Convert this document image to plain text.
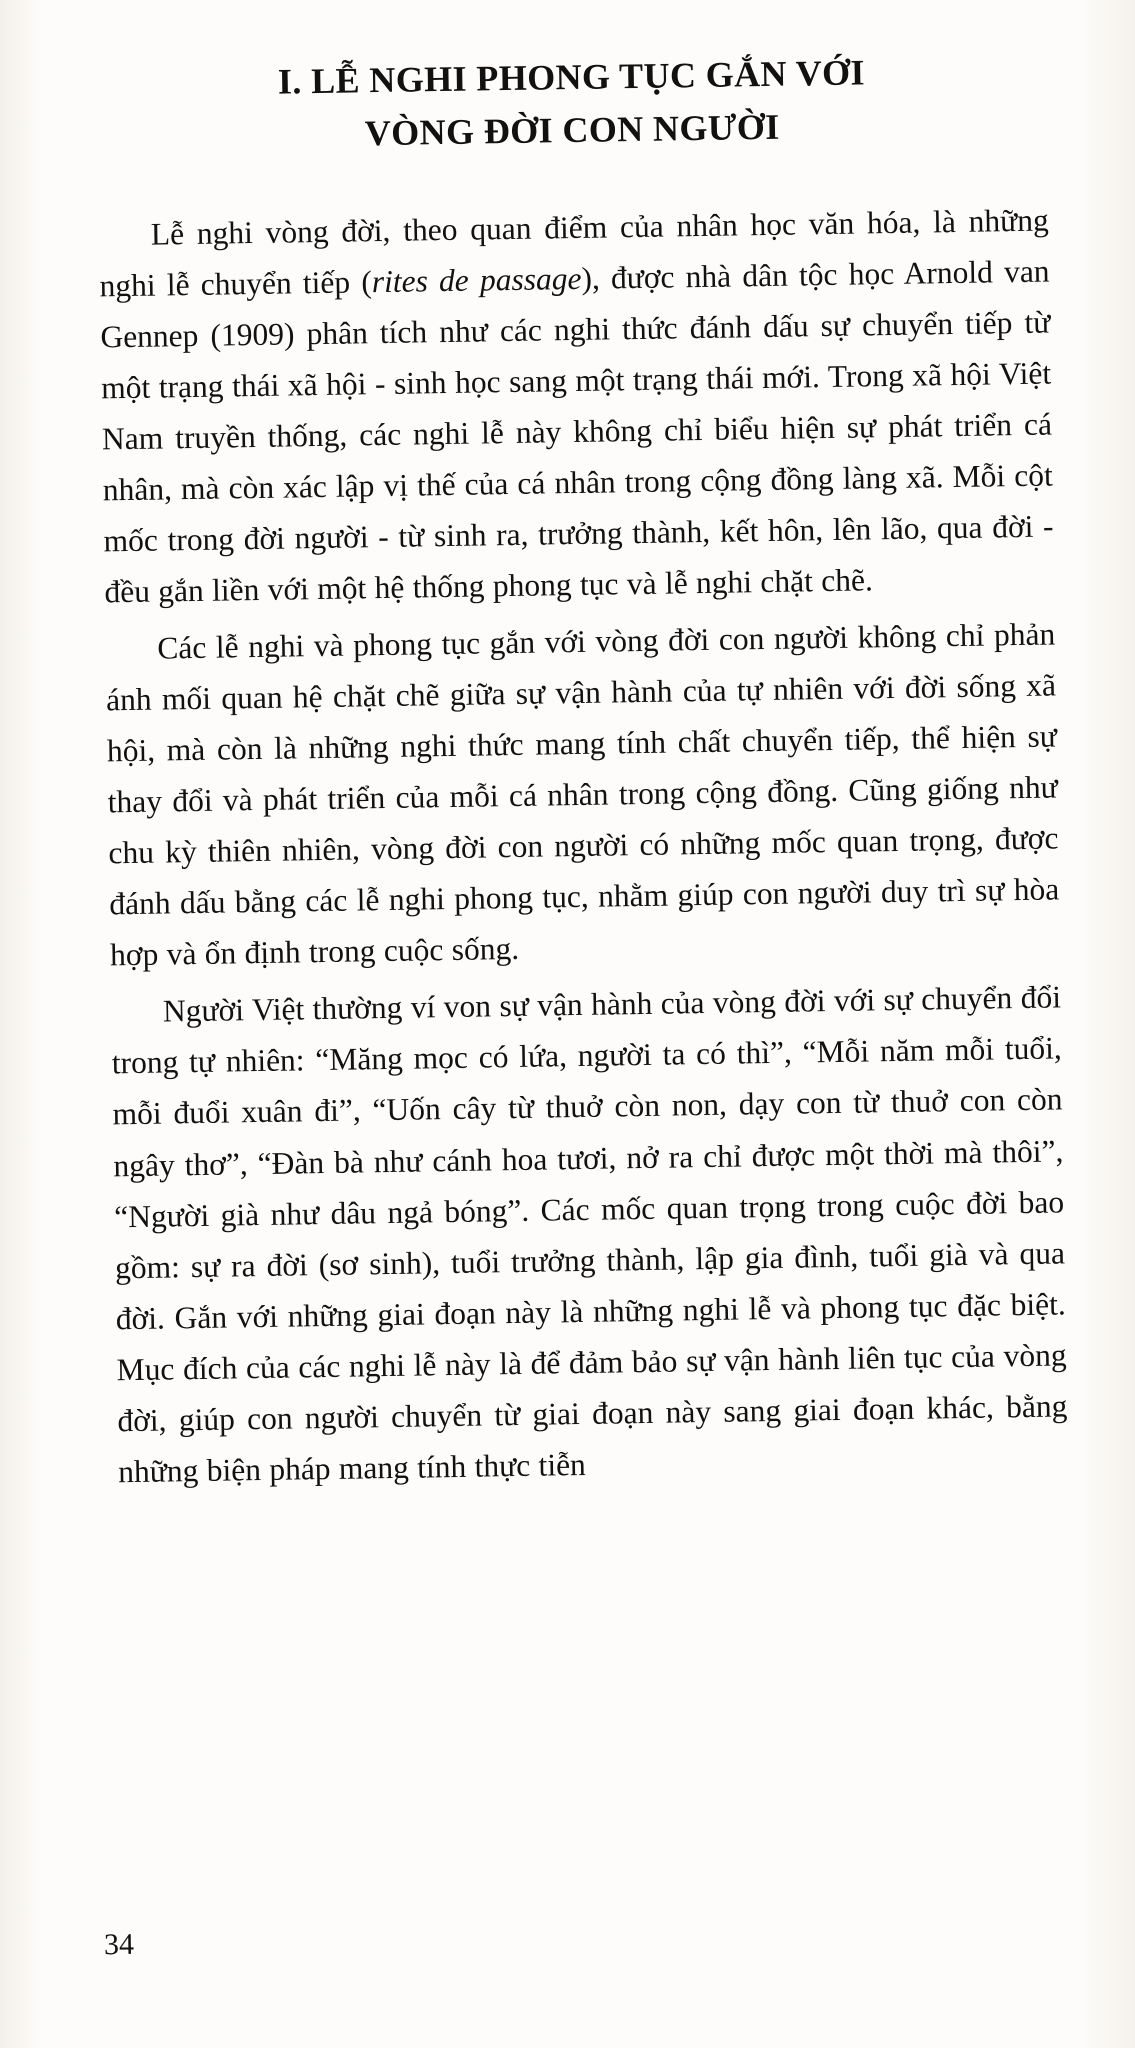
I. LỄ NGHI PHONG TỤC GẮN VỚI
VÒNG ĐỜI CON NGƯỜI

Lễ nghi vòng đời, theo quan điểm của nhân học văn hóa, là những nghi lễ chuyển tiếp (rites de passage), được nhà dân tộc học Arnold van Gennep (1909) phân tích như các nghi thức đánh dấu sự chuyển tiếp từ một trạng thái xã hội - sinh học sang một trạng thái mới. Trong xã hội Việt Nam truyền thống, các nghi lễ này không chỉ biểu hiện sự phát triển cá nhân, mà còn xác lập vị thế của cá nhân trong cộng đồng làng xã. Mỗi cột mốc trong đời người - từ sinh ra, trưởng thành, kết hôn, lên lão, qua đời - đều gắn liền với một hệ thống phong tục và lễ nghi chặt chẽ.

Các lễ nghi và phong tục gắn với vòng đời con người không chỉ phản ánh mối quan hệ chặt chẽ giữa sự vận hành của tự nhiên với đời sống xã hội, mà còn là những nghi thức mang tính chất chuyển tiếp, thể hiện sự thay đổi và phát triển của mỗi cá nhân trong cộng đồng. Cũng giống như chu kỳ thiên nhiên, vòng đời con người có những mốc quan trọng, được đánh dấu bằng các lễ nghi phong tục, nhằm giúp con người duy trì sự hòa hợp và ổn định trong cuộc sống.

Người Việt thường ví von sự vận hành của vòng đời với sự chuyển đổi trong tự nhiên: “Măng mọc có lứa, người ta có thì”, “Mỗi năm mỗi tuổi, mỗi đuổi xuân đi”, “Uốn cây từ thuở còn non, dạy con từ thuở con còn ngây thơ”, “Đàn bà như cánh hoa tươi, nở ra chỉ được một thời mà thôi”, “Người già như dâu ngả bóng”. Các mốc quan trọng trong cuộc đời bao gồm: sự ra đời (sơ sinh), tuổi trưởng thành, lập gia đình, tuổi già và qua đời. Gắn với những giai đoạn này là những nghi lễ và phong tục đặc biệt. Mục đích của các nghi lễ này là để đảm bảo sự vận hành liên tục của vòng đời, giúp con người chuyển từ giai đoạn này sang giai đoạn khác, bằng những biện pháp mang tính thực tiễn

34
